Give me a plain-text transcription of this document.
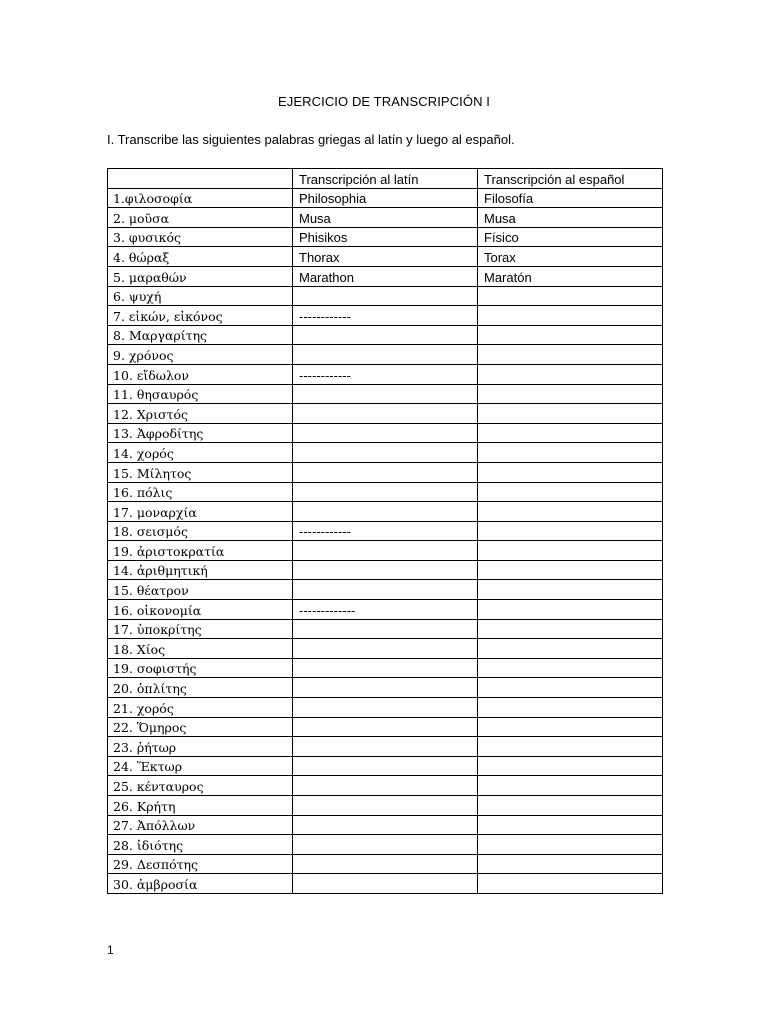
EJERCICIO DE TRANSCRIPCIÓN I
I. Transcribe las siguientes palabras griegas al latín y luego al español.
	Transcripción al latín	Transcripción al español
1.φιλοσοφία	Philosophia	Filosofía
2. μοῦσα	Musa	Musa
3. φυσικός	Phisikos	Físico
4. θώραξ	Thorax	Torax
5. μαραθών	Marathon	Maratón
6. ψυχή		
7. εἰκών, εἰκόνος	------------	
8. Μαργαρίτης		
9. χρόνος		
10. εἴδωλον	------------	
11. θησαυρός		
12. Χριστός		
13. Ἀφροδίτης		
14. χορός		
15. Μίλητος		
16. πόλις		
17. μοναρχία		
18. σεισμός	------------	
19. ἀριστοκρατία		
14. ἀριθμητική		
15. θέατρον		
16. οἰκονομία	-------------	
17. ὑποκρίτης		
18. Χίος		
19. σοφιστής		
20. ὁπλίτης		
21. χορός		
22. Ὅμηρος		
23. ῥήτωρ		
24. Ἕκτωρ		
25. κένταυρος		
26. Κρήτη		
27. Ἀπόλλων		
28. ἰδιότης		
29. Δεσπότης		
30. ἀμβροσία		
1
